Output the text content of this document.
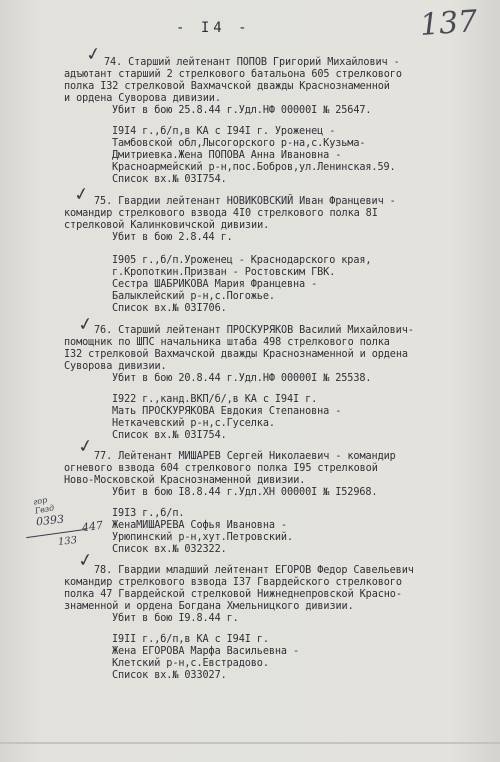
- I4 -	137
✓
✓
✓
✓
✓
гор
Гвзд
0393 447
133
74. Старший лейтенант ПОПОВ Григорий Михайлович -
адъютант старший 2 стрелкового батальона 605 стрелкового
полка I32 стрелковой Вахмачской дважды Краснознаменной
и ордена Суворова дивизии.
Убит в бою 25.8.44 г.Удл.НФ 00000I № 25647.
I9I4 г.,б/п,в КА с I94I г. Уроженец -
Тамбовской обл,Лысогорского р-на,с.Кузьма-
Дмитриевка.Жена ПОПОВА Анна Ивановна -
Красноармейский р-н,пос.Бобров,ул.Ленинская.59.
Список вх.№ 03I754.
75. Гвардии лейтенант НОВИКОВСКИЙ Иван Францевич -
командир стрелкового взвода 4I0 стрелкового полка 8I
стрелковой Калинковичской дивизии.
Убит в бою 2.8.44 г.
I905 г.,б/п.Уроженец - Краснодарского края,
г.Кропоткин.Призван - Ростовским ГВК.
Сестра ШАБРИКОВА Мария Францевна -
Балыклейский р-н,с.Погожье.
Список вх.№ 03I706.
76. Старший лейтенант ПРОСКУРЯКОВ Василий Михайлович-
помощник по ШПС начальника штаба 498 стрелкового полка
I32 стрелковой Вахмачской дважды Краснознаменной и ордена
Суворова дивизии.
Убит в бою 20.8.44 г.Удл.НФ 00000I № 25538.
I922 г.,канд.ВКП/б/,в КА с I94I г.
Мать ПРОСКУРЯКОВА Евдокия Степановна -
Неткачевский р-н,с.Гуселка.
Список вх.№ 03I754.
77. Лейтенант МИШАРЕВ Сергей Николаевич - командир
огневого взвода 604 стрелкового полка I95 стрелковой
Ново-Московской Краснознаменной дивизии.
Убит в бою I8.8.44 г.Удл.ХН 00000I № I52968.
I9I3 г.,б/п.
ЖенаМИШАРЕВА Софья Ивановна -
Урюпинский р-н,хут.Петровский.
Список вх.№ 032322.
78. Гвардии младший лейтенант ЕГОРОВ Федор Савельевич
командир стрелкового взвода I37 Гвардейского стрелкового
полка 47 Гвардейской стрелковой Нижнеднепровской Красно-
знаменной и ордена Богдана Хмельницкого дивизии.
Убит в бою I9.8.44 г.
I9II г.,б/п,в КА с I94I г.
Жена ЕГОРОВА Марфа Васильевна -
Клетский р-н,с.Евстрадово.
Список вх.№ 033027.
